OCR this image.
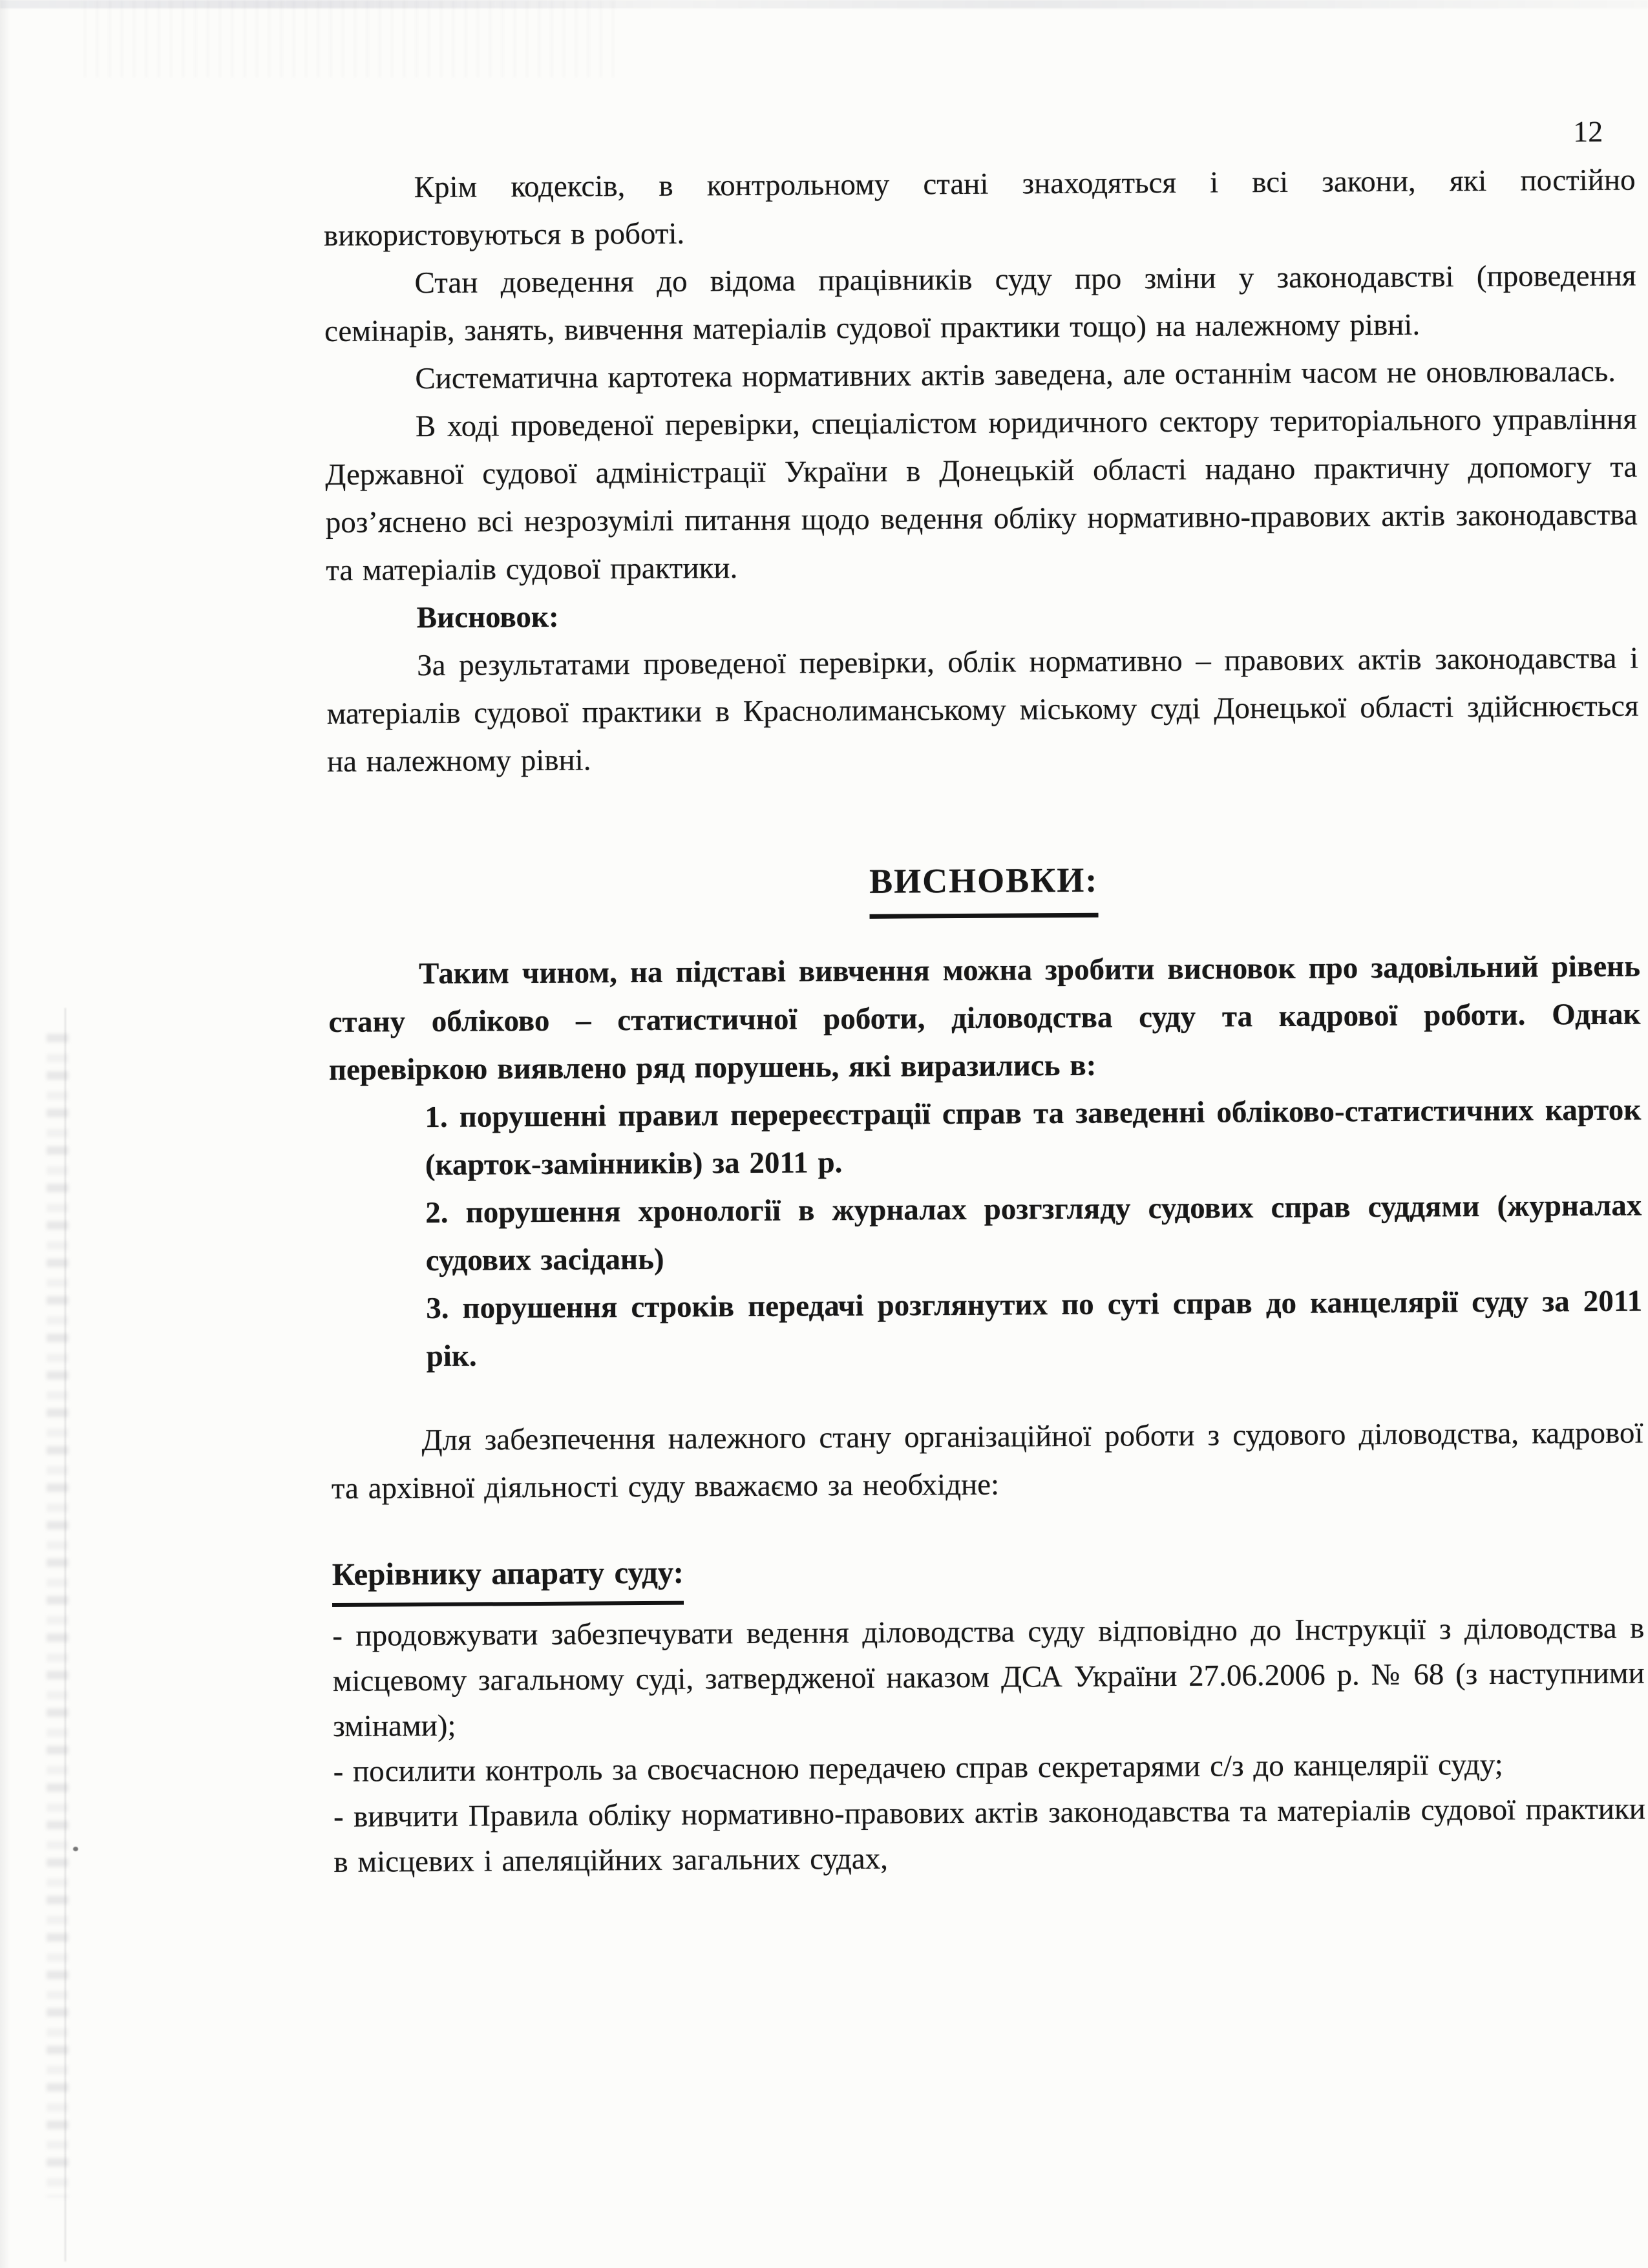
12

Крім кодексів, в контрольному стані знаходяться і всі закони, які постійно використовуються в роботі.

Стан доведення до відома працівників суду про зміни у законодавстві (проведення семінарів, занять, вивчення матеріалів судової практики тощо) на належному рівні.

Систематична картотека нормативних актів заведена, але останнім часом не оновлювалась.

В ході проведеної перевірки, спеціалістом юридичного сектору територіального управління Державної судової адміністрації України в Донецькій області надано практичну допомогу та роз’яснено всі незрозумілі питання щодо ведення обліку нормативно-правових актів законодавства та матеріалів судової практики.

Висновок:

За результатами проведеної перевірки, облік нормативно – правових актів законодавства і матеріалів судової практики в Краснолиманському міському суді Донецької області здійснюється на належному рівні.

ВИСНОВКИ:

Таким чином, на підставі вивчення можна зробити висновок про задовільний рівень стану обліково – статистичної роботи, діловодства суду та кадрової роботи. Однак перевіркою виявлено ряд порушень, які виразились в:

1. порушенні правил перереєстрації справ та заведенні обліково-статистичних карток (карток-замінників) за 2011 р.

2. порушення хронології в журналах розгзгляду судових справ суддями (журналах судових засідань)

3. порушення строків передачі розглянутих по суті справ до канцелярії суду за 2011 рік.

Для забезпечення належного стану організаційної роботи з судового діловодства, кадрової та архівної діяльності суду вважаємо за необхідне:

Керівнику апарату суду:

- продовжувати забезпечувати ведення діловодства суду відповідно до Інструкції з діловодства в місцевому загальному суді, затвердженої наказом ДСА України 27.06.2006 р. № 68 (з наступними змінами);

- посилити контроль за своєчасною передачею справ секретарями с/з до канцелярії суду;

- вивчити Правила обліку нормативно-правових актів законодавства та матеріалів судової практики в місцевих і апеляційних загальних судах,
